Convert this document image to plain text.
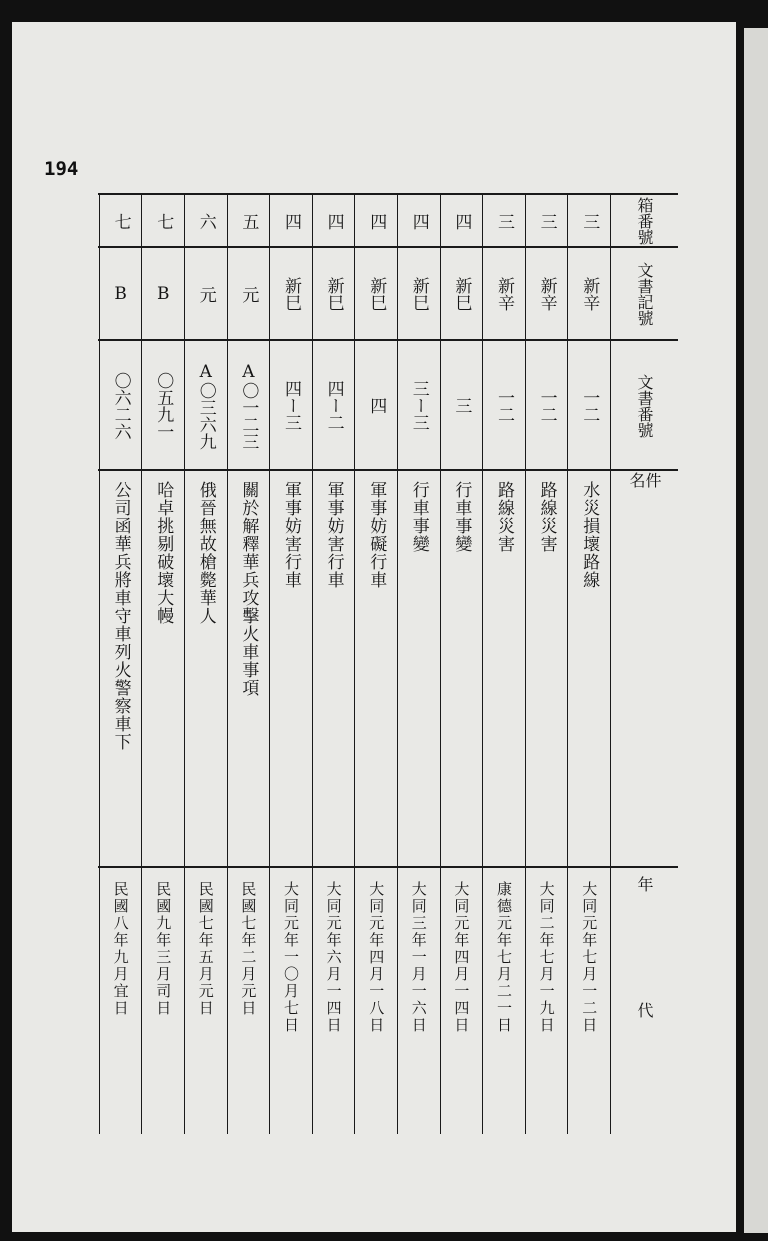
194
箱番號
文書記號
文書番號
件名
年代
三
新辛
一二
水災損壞路線
大同元年七月一二日
三
新辛
一二
路線災害
大同二年七月一九日
三
新辛
一二
路線災害
康德元年七月二一日
四
新巳
三
行車事變
大同元年四月一四日
四
新巳
三ー三
行車事變
大同三年一月一六日
四
新巳
四
軍事妨礙行車
大同元年四月一八日
四
新巳
四ー二
軍事妨害行車
大同元年六月一四日
四
新巳
四ー三
軍事妨害行車
大同元年一〇月七日
五
元
A〇一二三
關於解釋華兵攻擊火車事項
民國七年二月元日
六
元
A〇三六九
俄晉無故槍斃華人
民國七年五月元日
七
B
〇五九一
哈卓挑剔破壞大幔
民國九年三月司日
七
B
〇六二六
公司函華兵將車守車列火警察車下
民國八年九月宜日
